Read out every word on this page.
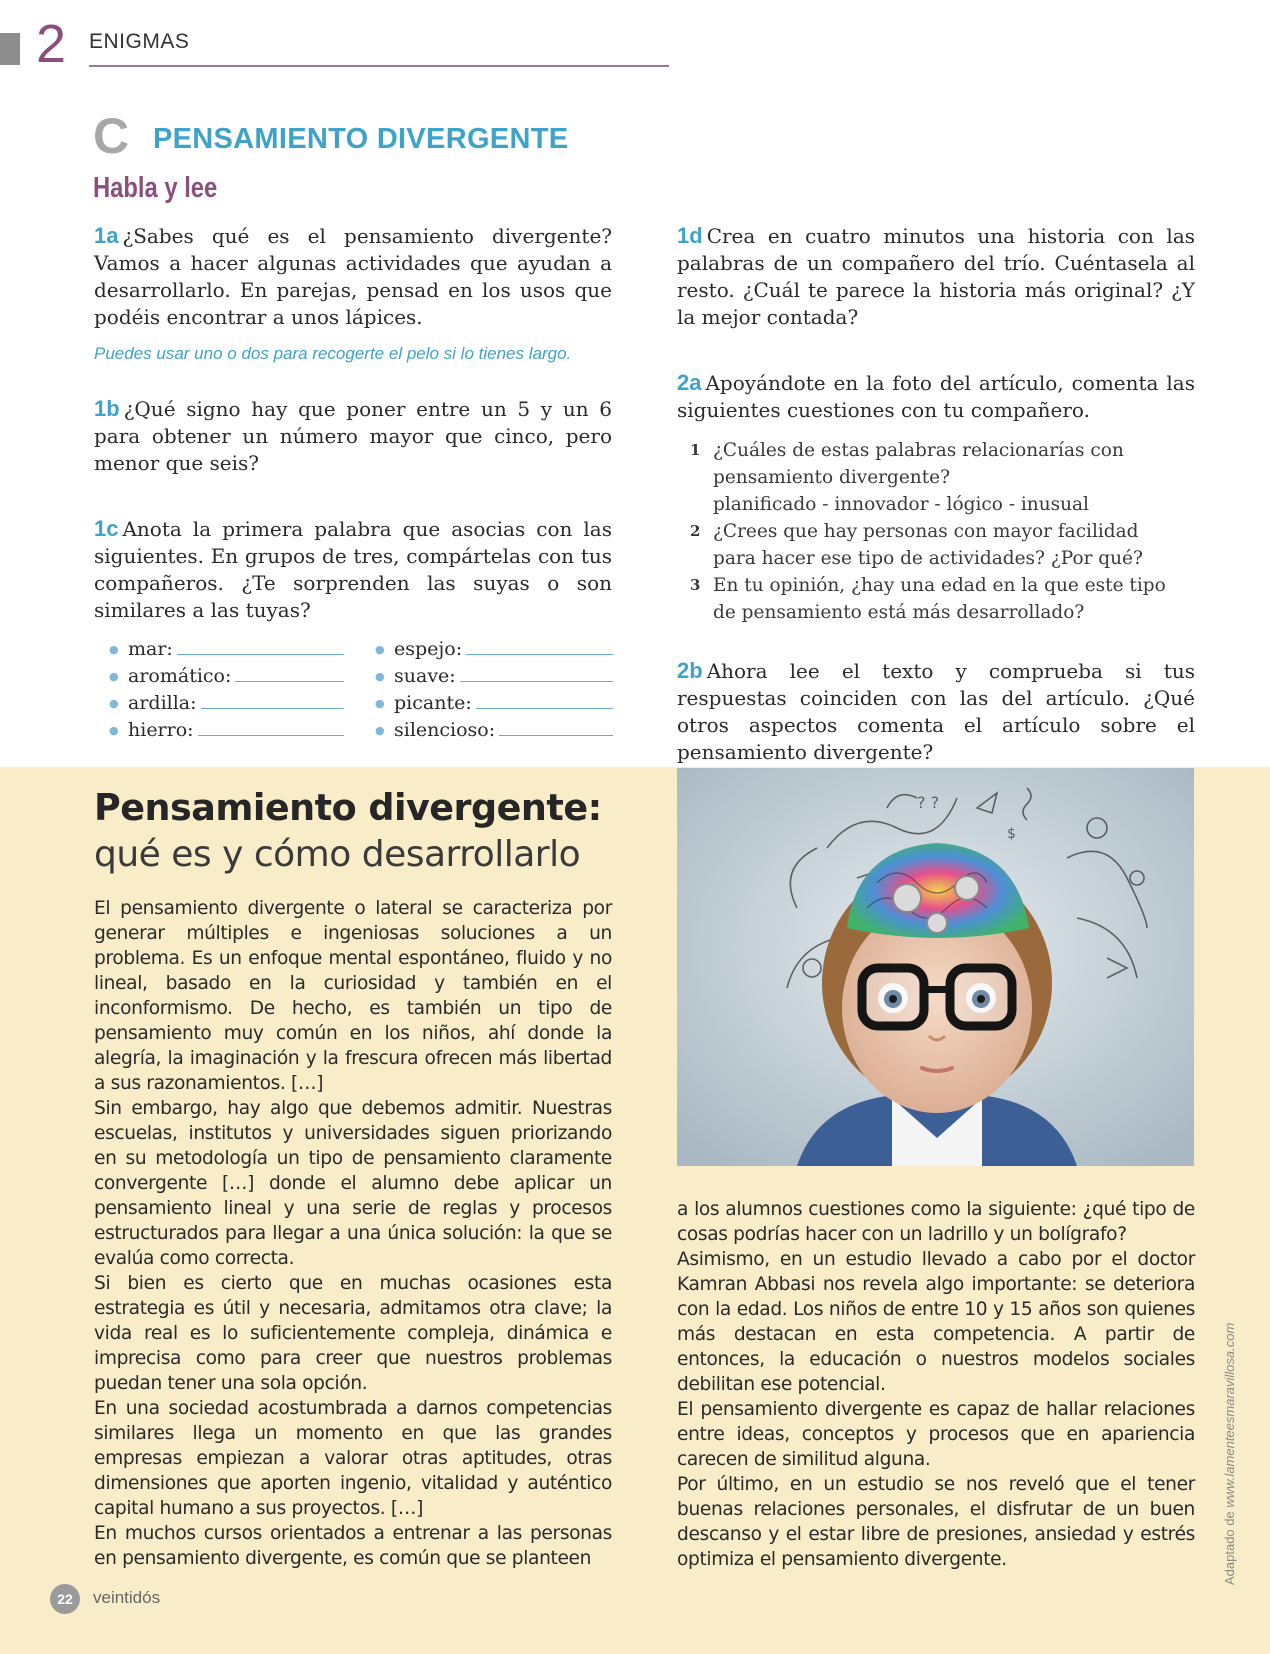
2 ENIGMAS
C PENSAMIENTO DIVERGENTE
Habla y lee
1a ¿Sabes qué es el pensamiento divergente? Vamos a hacer algunas actividades que ayudan a desarrollarlo. En parejas, pensad en los usos que podéis encontrar a unos lápices.
Puedes usar uno o dos para recogerte el pelo si lo tienes largo.
1b ¿Qué signo hay que poner entre un 5 y un 6 para obtener un número mayor que cinco, pero menor que seis?
1c Anota la primera palabra que asocias con las siguientes. En grupos de tres, compártelas con tus compañeros. ¿Te sorprenden las suyas o son similares a las tuyas?
● mar:
● aromático:
● ardilla:
● hierro:
● espejo:
● suave:
● picante:
● silencioso:
1d Crea en cuatro minutos una historia con las palabras de un compañero del trío. Cuéntasela al resto. ¿Cuál te parece la historia más original? ¿Y la mejor contada?
2a Apoyándote en la foto del artículo, comenta las siguientes cuestiones con tu compañero.
1 ¿Cuáles de estas palabras relacionarías con pensamiento divergente?
planificado - innovador - lógico - inusual
2 ¿Crees que hay personas con mayor facilidad para hacer ese tipo de actividades? ¿Por qué?
3 En tu opinión, ¿hay una edad en la que este tipo de pensamiento está más desarrollado?
2b Ahora lee el texto y comprueba si tus respuestas coinciden con las del artículo. ¿Qué otros aspectos comenta el artículo sobre el pensamiento divergente?
Pensamiento divergente:
qué es y cómo desarrollarlo

El pensamiento divergente o lateral se caracteriza por generar múltiples e ingeniosas soluciones a un problema. Es un enfoque mental espontáneo, fluido y no lineal, basado en la curiosidad y también en el inconformismo. De hecho, es también un tipo de pensamiento muy común en los niños, ahí donde la alegría, la imaginación y la frescura ofrecen más libertad a sus razonamientos. […]

Sin embargo, hay algo que debemos admitir. Nuestras escuelas, institutos y universidades siguen priorizando en su metodología un tipo de pensamiento claramente convergente […] donde el alumno debe aplicar un pensamiento lineal y una serie de reglas y procesos estructurados para llegar a una única solución: la que se evalúa como correcta.

Si bien es cierto que en muchas ocasiones esta estrategia es útil y necesaria, admitamos otra clave; la vida real es lo suficientemente compleja, dinámica e imprecisa como para creer que nuestros problemas puedan tener una sola opción.

En una sociedad acostumbrada a darnos competencias similares llega un momento en que las grandes empresas empiezan a valorar otras aptitudes, otras dimensiones que aporten ingenio, vitalidad y auténtico capital humano a sus proyectos. […]

En muchos cursos orientados a entrenar a las personas en pensamiento divergente, es común que se planteen

? ?
$

a los alumnos cuestiones como la siguiente: ¿qué tipo de cosas podrías hacer con un ladrillo y un bolígrafo?

Asimismo, en un estudio llevado a cabo por el doctor Kamran Abbasi nos revela algo importante: se deteriora con la edad. Los niños de entre 10 y 15 años son quienes más destacan en esta competencia. A partir de entonces, la educación o nuestros modelos sociales debilitan ese potencial.

El pensamiento divergente es capaz de hallar relaciones entre ideas, conceptos y procesos que en apariencia carecen de similitud alguna.

Por último, en un estudio se nos reveló que el tener buenas relaciones personales, el disfrutar de un buen descanso y el estar libre de presiones, ansiedad y estrés optimiza el pensamiento divergente.	Adaptado de www.lamenteesmaravillosa.com
22	veintidós
